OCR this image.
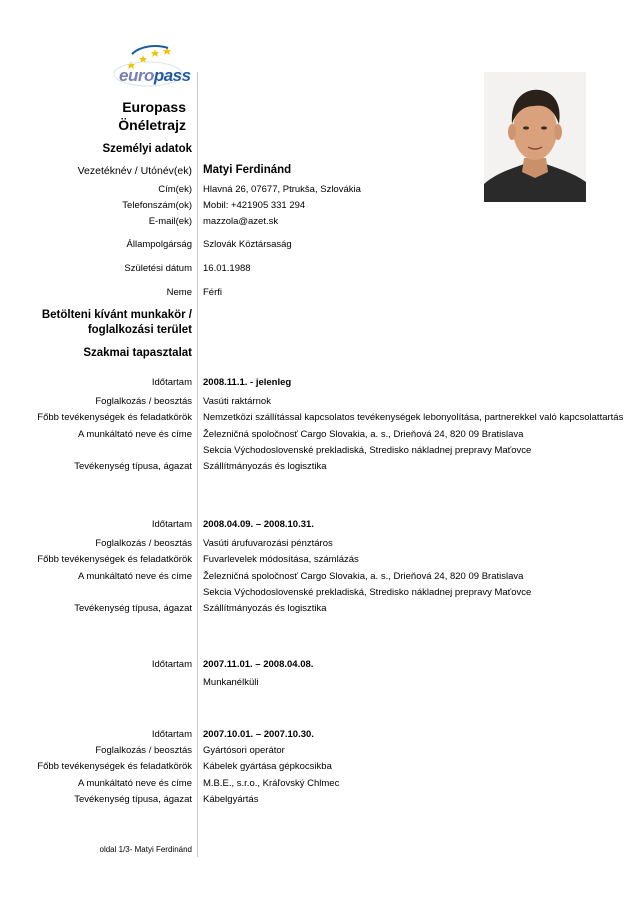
europass
Europass
Önéletrajz
Személyi adatok
Vezetéknév / Utónév(ek) Matyi Ferdinánd
Cím(ek) Hlavná 26, 07677, Ptrukša, Szlovákia
Telefonszám(ok) Mobil: +421905 331 294
E-mail(ek) mazzola@azet.sk
Állampolgárság Szlovák Köztársaság
Születési dátum 16.01.1988
Neme Férfi
Betölteni kívánt munkakör /
foglalkozási terület
Szakmai tapasztalat
Időtartam 2008.11.1. - jelenleg
Foglalkozás / beosztás Vasúti raktárnok
Főbb tevékenységek és feladatkörök Nemzetközi szállítással kapcsolatos tevékenységek lebonyolítása, partnerekkel való kapcsolattartás
A munkáltató neve és címe Železničná spoločnosť Cargo Slovakia, a. s., Drieňová 24, 820 09 Bratislava
Sekcia Východoslovenské prekladiská, Stredisko nákladnej prepravy Maťovce
Tevékenység típusa, ágazat Szállítmányozás és logisztika
Időtartam 2008.04.09. – 2008.10.31.
Foglalkozás / beosztás Vasúti árufuvarozási pénztáros
Főbb tevékenységek és feladatkörök Fuvarlevelek módosítása, számlázás
A munkáltató neve és címe Železničná spoločnosť Cargo Slovakia, a. s., Drieňová 24, 820 09 Bratislava
Sekcia Východoslovenské prekladiská, Stredisko nákladnej prepravy Maťovce
Tevékenység típusa, ágazat Szállítmányozás és logisztika
Időtartam 2007.11.01. – 2008.04.08.
Munkanélküli
Időtartam 2007.10.01. – 2007.10.30.
Foglalkozás / beosztás Gyártósori operátor
Főbb tevékenységek és feladatkörök Kábelek gyártása gépkocsikba
A munkáltató neve és címe M.B.E., s.r.o., Kráľovský Chlmec
Tevékenység típusa, ágazat Kábelgyártás
oldal 1/3- Matyi Ferdinánd
